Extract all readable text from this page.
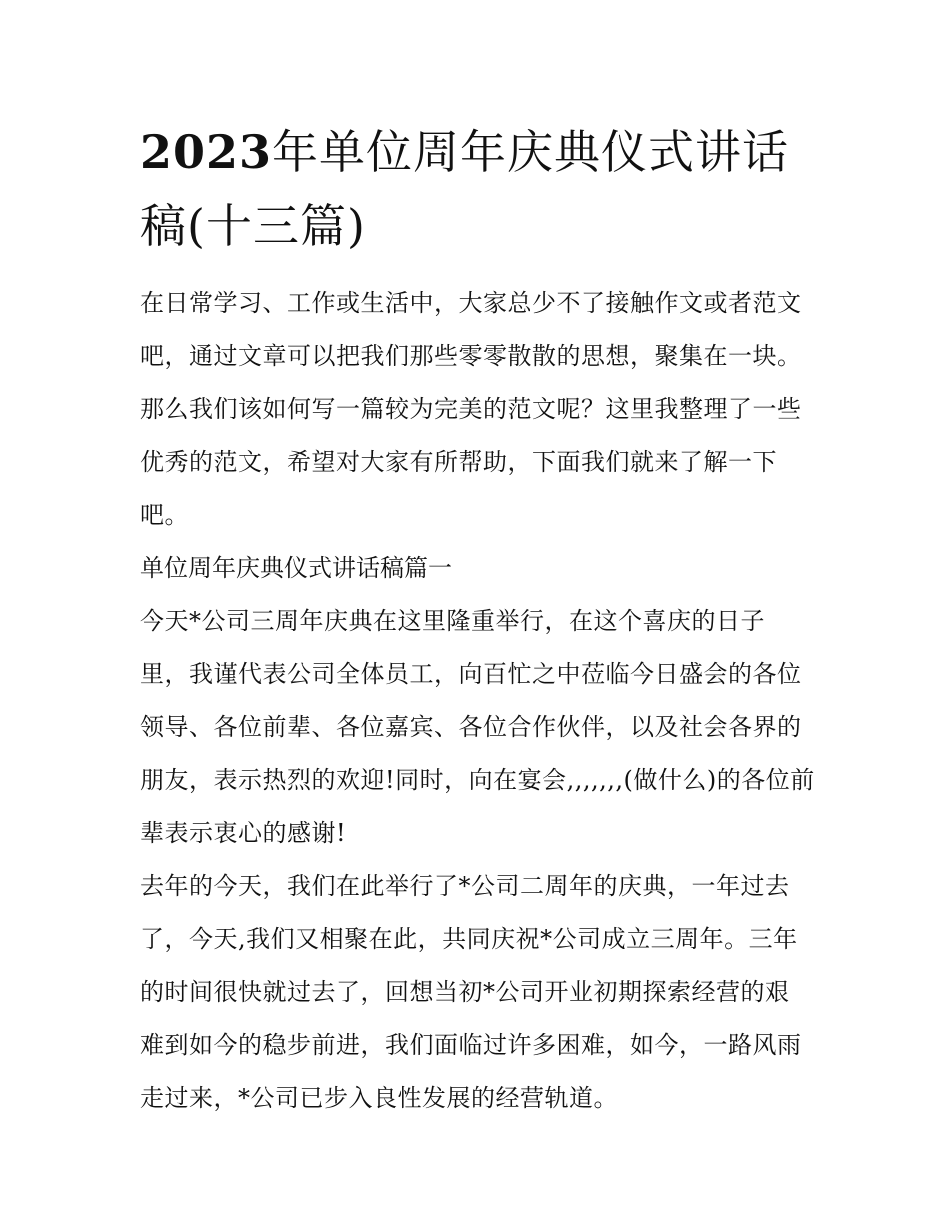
2023年单位周年庆典仪式讲话
稿(十三篇)
在日常学习、工作或生活中，大家总少不了接触作文或者范文
吧，通过文章可以把我们那些零零散散的思想，聚集在一块。
那么我们该如何写一篇较为完美的范文呢？这里我整理了一些
优秀的范文，希望对大家有所帮助，下面我们就来了解一下
吧。
单位周年庆典仪式讲话稿篇一
今天*公司三周年庆典在这里隆重举行，在这个喜庆的日子
里，我谨代表公司全体员工，向百忙之中莅临今日盛会的各位
领导、各位前辈、各位嘉宾、各位合作伙伴，以及社会各界的
朋友，表示热烈的欢迎!同时，向在宴会,,,,,,,(做什么)的各位前
辈表示衷心的感谢!
去年的今天，我们在此举行了*公司二周年的庆典，一年过去
了，今天,我们又相聚在此，共同庆祝*公司成立三周年。三年
的时间很快就过去了，回想当初*公司开业初期探索经营的艰
难到如今的稳步前进，我们面临过许多困难，如今，一路风雨
走过来，*公司已步入良性发展的经营轨道。
